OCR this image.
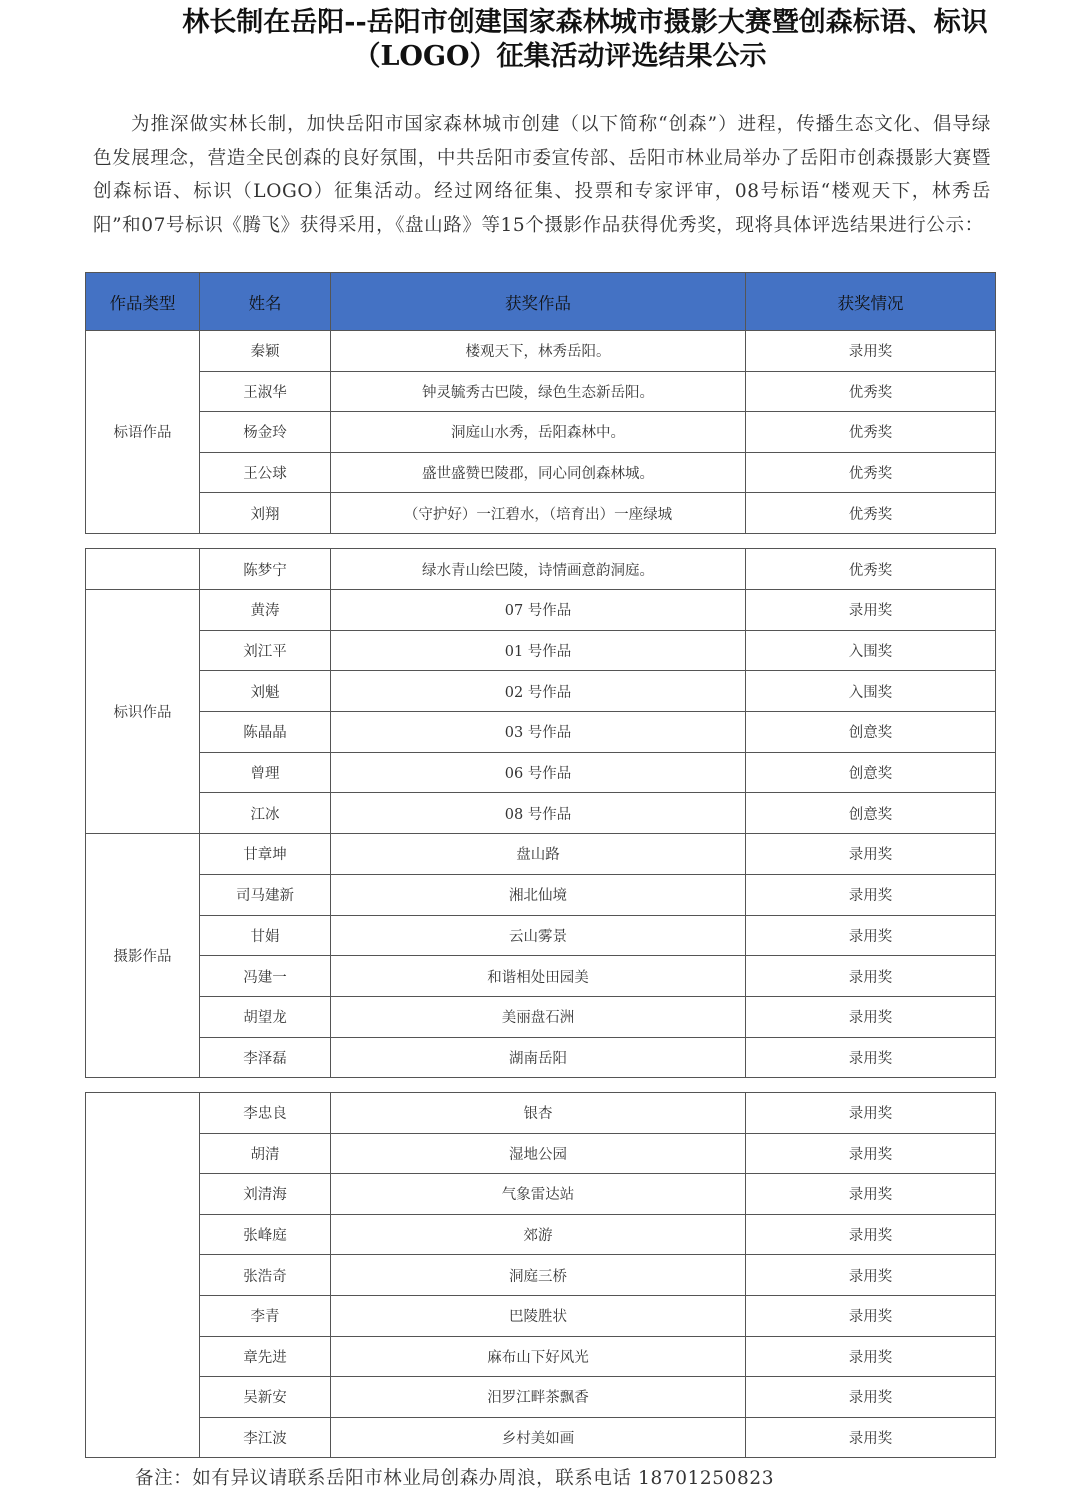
林长制在岳阳--岳阳市创建国家森林城市摄影大赛暨创森标语、标识
（LOGO）征集活动评选结果公示
为推深做实林长制，加快岳阳市国家森林城市创建（以下简称“创森”）进程，传播生态文化、倡导绿色发展理念，营造全民创森的良好氛围，中共岳阳市委宣传部、岳阳市林业局举办了岳阳市创森摄影大赛暨创森标语、标识（LOGO）征集活动。经过网络征集、投票和专家评审，08号标语“楼观天下，林秀岳阳”和07号标识《腾飞》获得采用，《盘山路》等15个摄影作品获得优秀奖，现将具体评选结果进行公示：
作品类型	姓名	获奖作品	获奖情况
标语作品	秦颖	楼观天下，林秀岳阳。	录用奖
	王淑华	钟灵毓秀古巴陵，绿色生态新岳阳。	优秀奖
	杨金玲	洞庭山水秀，岳阳森林中。	优秀奖
	王公球	盛世盛赞巴陵郡，同心同创森林城。	优秀奖
	刘翔	（守护好）一江碧水，（培育出）一座绿城	优秀奖
	陈梦宁	绿水青山绘巴陵，诗情画意韵洞庭。	优秀奖
标识作品	黄涛	07 号作品	录用奖
	刘江平	01 号作品	入围奖
	刘魁	02 号作品	入围奖
	陈晶晶	03 号作品	创意奖
	曾理	06 号作品	创意奖
	江冰	08 号作品	创意奖
摄影作品	甘章坤	盘山路	录用奖
	司马建新	湘北仙境	录用奖
	甘娟	云山雾景	录用奖
	冯建一	和谐相处田园美	录用奖
	胡望龙	美丽盘石洲	录用奖
	李泽磊	湖南岳阳	录用奖
	李忠良	银杏	录用奖
	胡清	湿地公园	录用奖
	刘清海	气象雷达站	录用奖
	张峰庭	郊游	录用奖
	张浩奇	洞庭三桥	录用奖
	李青	巴陵胜状	录用奖
	章先进	麻布山下好风光	录用奖
	吴新安	汨罗江畔茶飘香	录用奖
	李江波	乡村美如画	录用奖
备注：如有异议请联系岳阳市林业局创森办周浪，联系电话 18701250823
